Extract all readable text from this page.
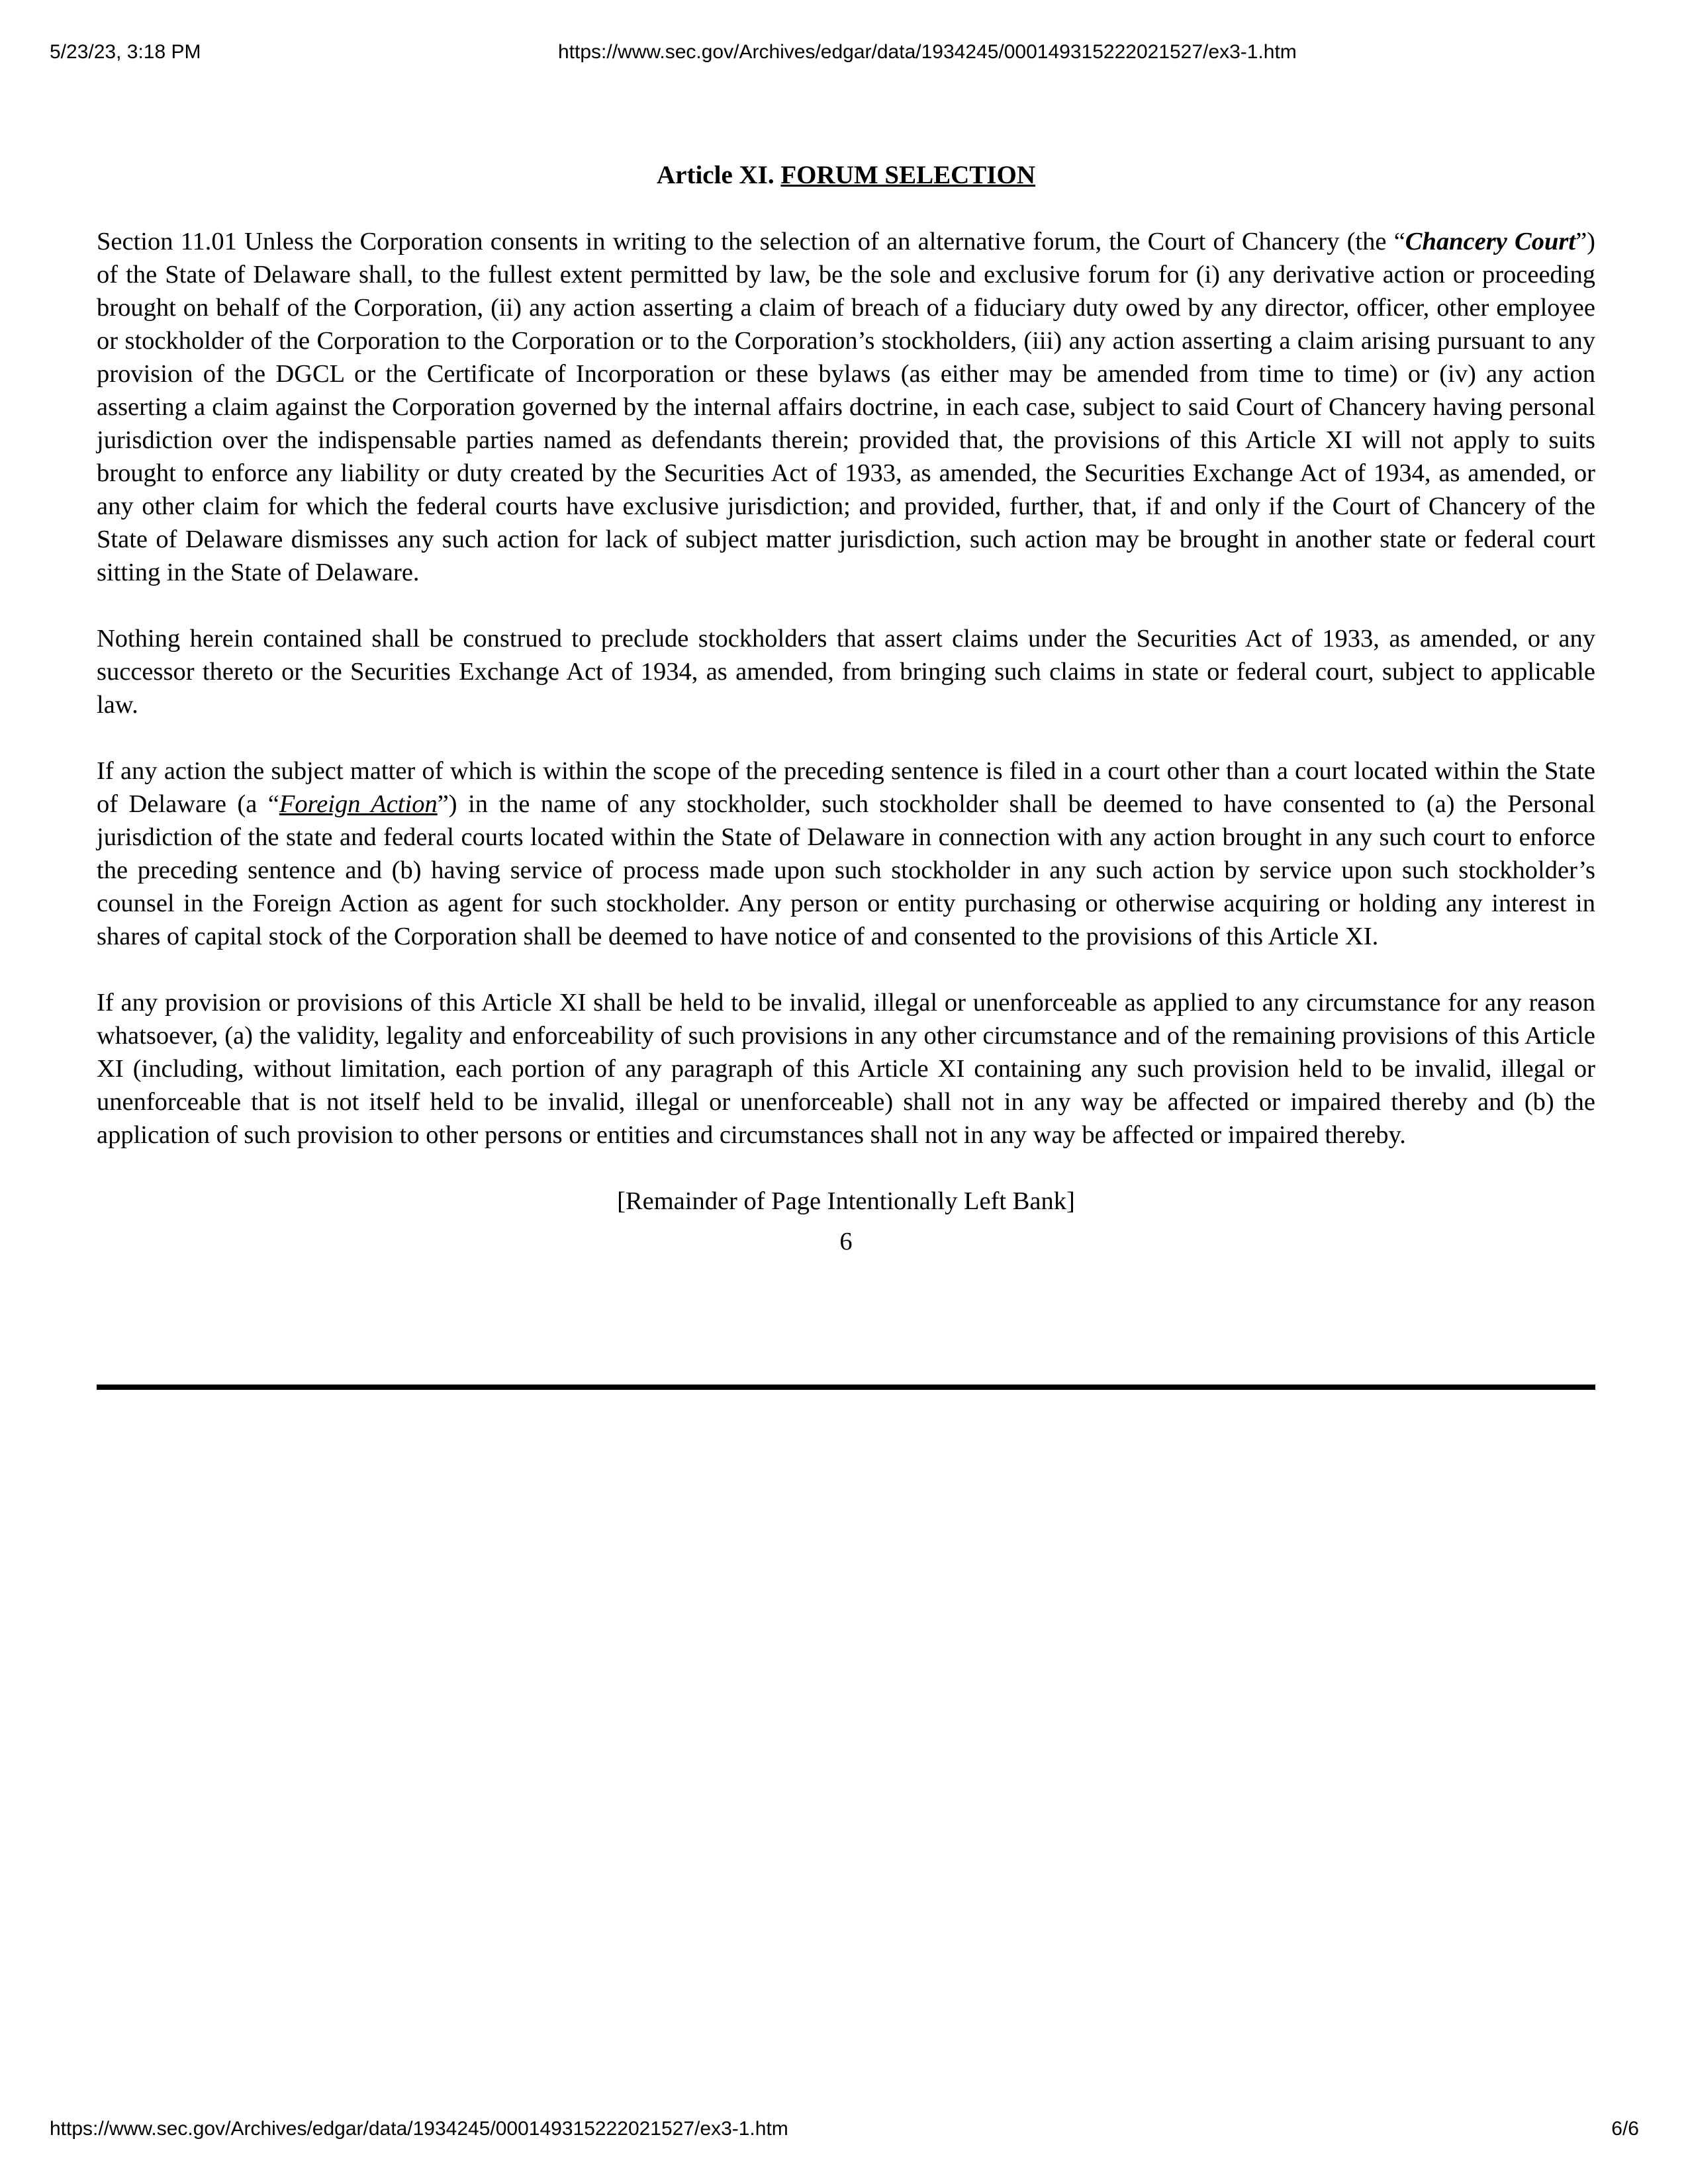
5/23/23, 3:18 PM	https://www.sec.gov/Archives/edgar/data/1934245/000149315222021527/ex3-1.htm
Article XI. FORUM SELECTION

Section 11.01 Unless the Corporation consents in writing to the selection of an alternative forum, the Court of Chancery (the “Chancery Court”) of the State of Delaware shall, to the fullest extent permitted by law, be the sole and exclusive forum for (i) any derivative action or proceeding brought on behalf of the Corporation, (ii) any action asserting a claim of breach of a fiduciary duty owed by any director, officer, other employee or stockholder of the Corporation to the Corporation or to the Corporation’s stockholders, (iii) any action asserting a claim arising pursuant to any provision of the DGCL or the Certificate of Incorporation or these bylaws (as either may be amended from time to time) or (iv) any action asserting a claim against the Corporation governed by the internal affairs doctrine, in each case, subject to said Court of Chancery having personal jurisdiction over the indispensable parties named as defendants therein; provided that, the provisions of this Article XI will not apply to suits brought to enforce any liability or duty created by the Securities Act of 1933, as amended, the Securities Exchange Act of 1934, as amended, or any other claim for which the federal courts have exclusive jurisdiction; and provided, further, that, if and only if the Court of Chancery of the State of Delaware dismisses any such action for lack of subject matter jurisdiction, such action may be brought in another state or federal court sitting in the State of Delaware.

Nothing herein contained shall be construed to preclude stockholders that assert claims under the Securities Act of 1933, as amended, or any successor thereto or the Securities Exchange Act of 1934, as amended, from bringing such claims in state or federal court, subject to applicable law.

If any action the subject matter of which is within the scope of the preceding sentence is filed in a court other than a court located within the State of Delaware (a “Foreign Action”) in the name of any stockholder, such stockholder shall be deemed to have consented to (a) the Personal jurisdiction of the state and federal courts located within the State of Delaware in connection with any action brought in any such court to enforce the preceding sentence and (b) having service of process made upon such stockholder in any such action by service upon such stockholder’s counsel in the Foreign Action as agent for such stockholder. Any person or entity purchasing or otherwise acquiring or holding any interest in shares of capital stock of the Corporation shall be deemed to have notice of and consented to the provisions of this Article XI.

If any provision or provisions of this Article XI shall be held to be invalid, illegal or unenforceable as applied to any circumstance for any reason whatsoever, (a) the validity, legality and enforceability of such provisions in any other circumstance and of the remaining provisions of this Article XI (including, without limitation, each portion of any paragraph of this Article XI containing any such provision held to be invalid, illegal or unenforceable that is not itself held to be invalid, illegal or unenforceable) shall not in any way be affected or impaired thereby and (b) the application of such provision to other persons or entities and circumstances shall not in any way be affected or impaired thereby.

[Remainder of Page Intentionally Left Bank]

6
https://www.sec.gov/Archives/edgar/data/1934245/000149315222021527/ex3-1.htm	6/6
